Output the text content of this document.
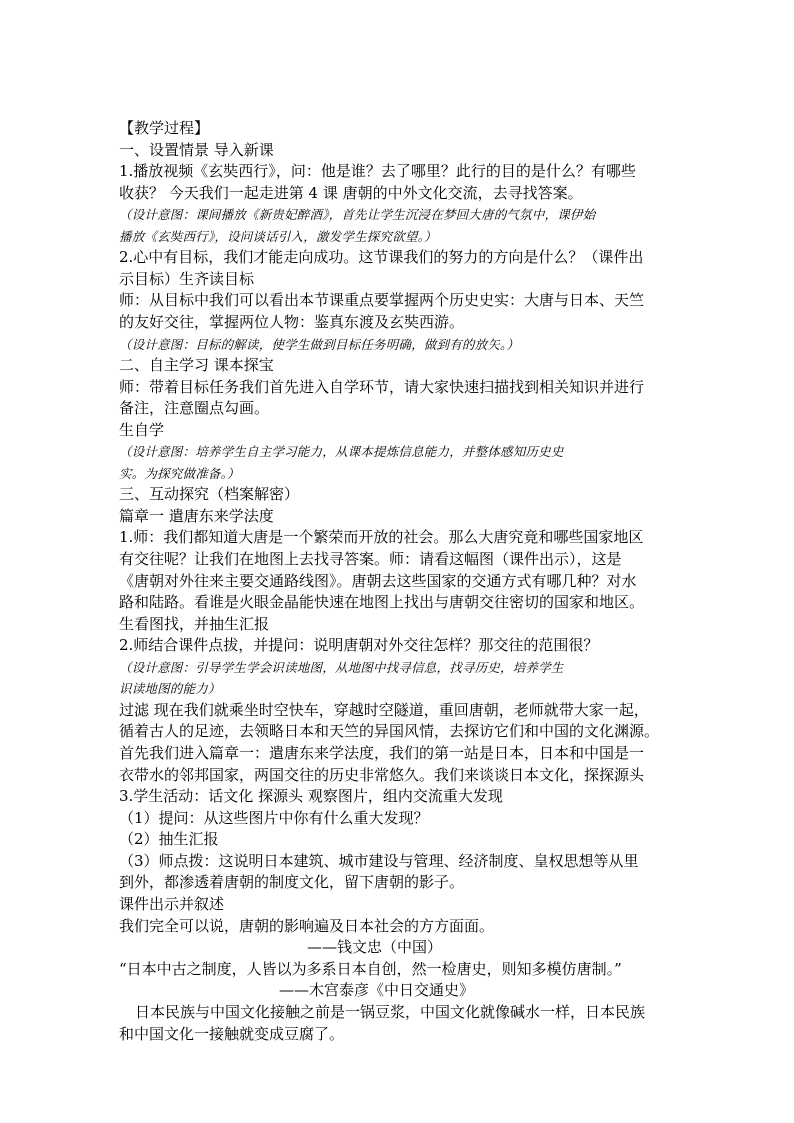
【教学过程】

一、设置情景 导入新课

1.播放视频《玄奘西行》，问：他是谁？去了哪里？此行的目的是什么？有哪些

收获？ 今天我们一起走进第 4 课 唐朝的中外文化交流，去寻找答案。

（设计意图：课间播放《新贵妃醉酒》，首先让学生沉浸在梦回大唐的气氛中，课伊始

播放《玄奘西行》，设问谈话引入，激发学生探究欲望。）

2.心中有目标，我们才能走向成功。这节课我们的努力的方向是什么？（课件出

示目标）生齐读目标

师：从目标中我们可以看出本节课重点要掌握两个历史史实：大唐与日本、天竺

的友好交往，掌握两位人物：鉴真东渡及玄奘西游。

（设计意图：目标的解读，使学生做到目标任务明确，做到有的放矢。）

二、自主学习 课本探宝

师：带着目标任务我们首先进入自学环节，请大家快速扫描找到相关知识并进行

备注，注意圈点勾画。

生自学

（设计意图：培养学生自主学习能力，从课本提炼信息能力，并整体感知历史史

实。为探究做准备。）

三、互动探究（档案解密）

篇章一 遣唐东来学法度

1.师：我们都知道大唐是一个繁荣而开放的社会。那么大唐究竟和哪些国家地区

有交往呢？让我们在地图上去找寻答案。师：请看这幅图（课件出示），这是

《唐朝对外往来主要交通路线图》。唐朝去这些国家的交通方式有哪几种？对水

路和陆路。看谁是火眼金晶能快速在地图上找出与唐朝交往密切的国家和地区。

生看图找，并抽生汇报

2.师结合课件点拔，并提问：说明唐朝对外交往怎样？那交往的范围很？

（设计意图：引导学生学会识读地图，从地图中找寻信息，找寻历史，培养学生

识读地图的能力）

过滤 现在我们就乘坐时空快车，穿越时空隧道，重回唐朝，老师就带大家一起，

循着古人的足迹，去领略日本和天竺的异国风情，去探访它们和中国的文化渊源。

首先我们进入篇章一：遣唐东来学法度，我们的第一站是日本，日本和中国是一

衣带水的邻邦国家，两国交往的历史非常悠久。我们来谈谈日本文化，探探源头

3.学生活动：话文化 探源头 观察图片，组内交流重大发现

（1）提问：从这些图片中你有什么重大发现？

（2）抽生汇报

（3）师点拨：这说明日本建筑、城市建设与管理、经济制度、皇权思想等从里

到外，都渗透着唐朝的制度文化，留下唐朝的影子。

课件出示并叙述

我们完全可以说，唐朝的影响遍及日本社会的方方面面。

——钱文忠（中国）

“日本中古之制度，人皆以为多系日本自创，然一检唐史，则知多模仿唐制。”

——木宫泰彦《中日交通史》

日本民族与中国文化接触之前是一锅豆浆，中国文化就像碱水一样，日本民族

和中国文化一接触就变成豆腐了。
